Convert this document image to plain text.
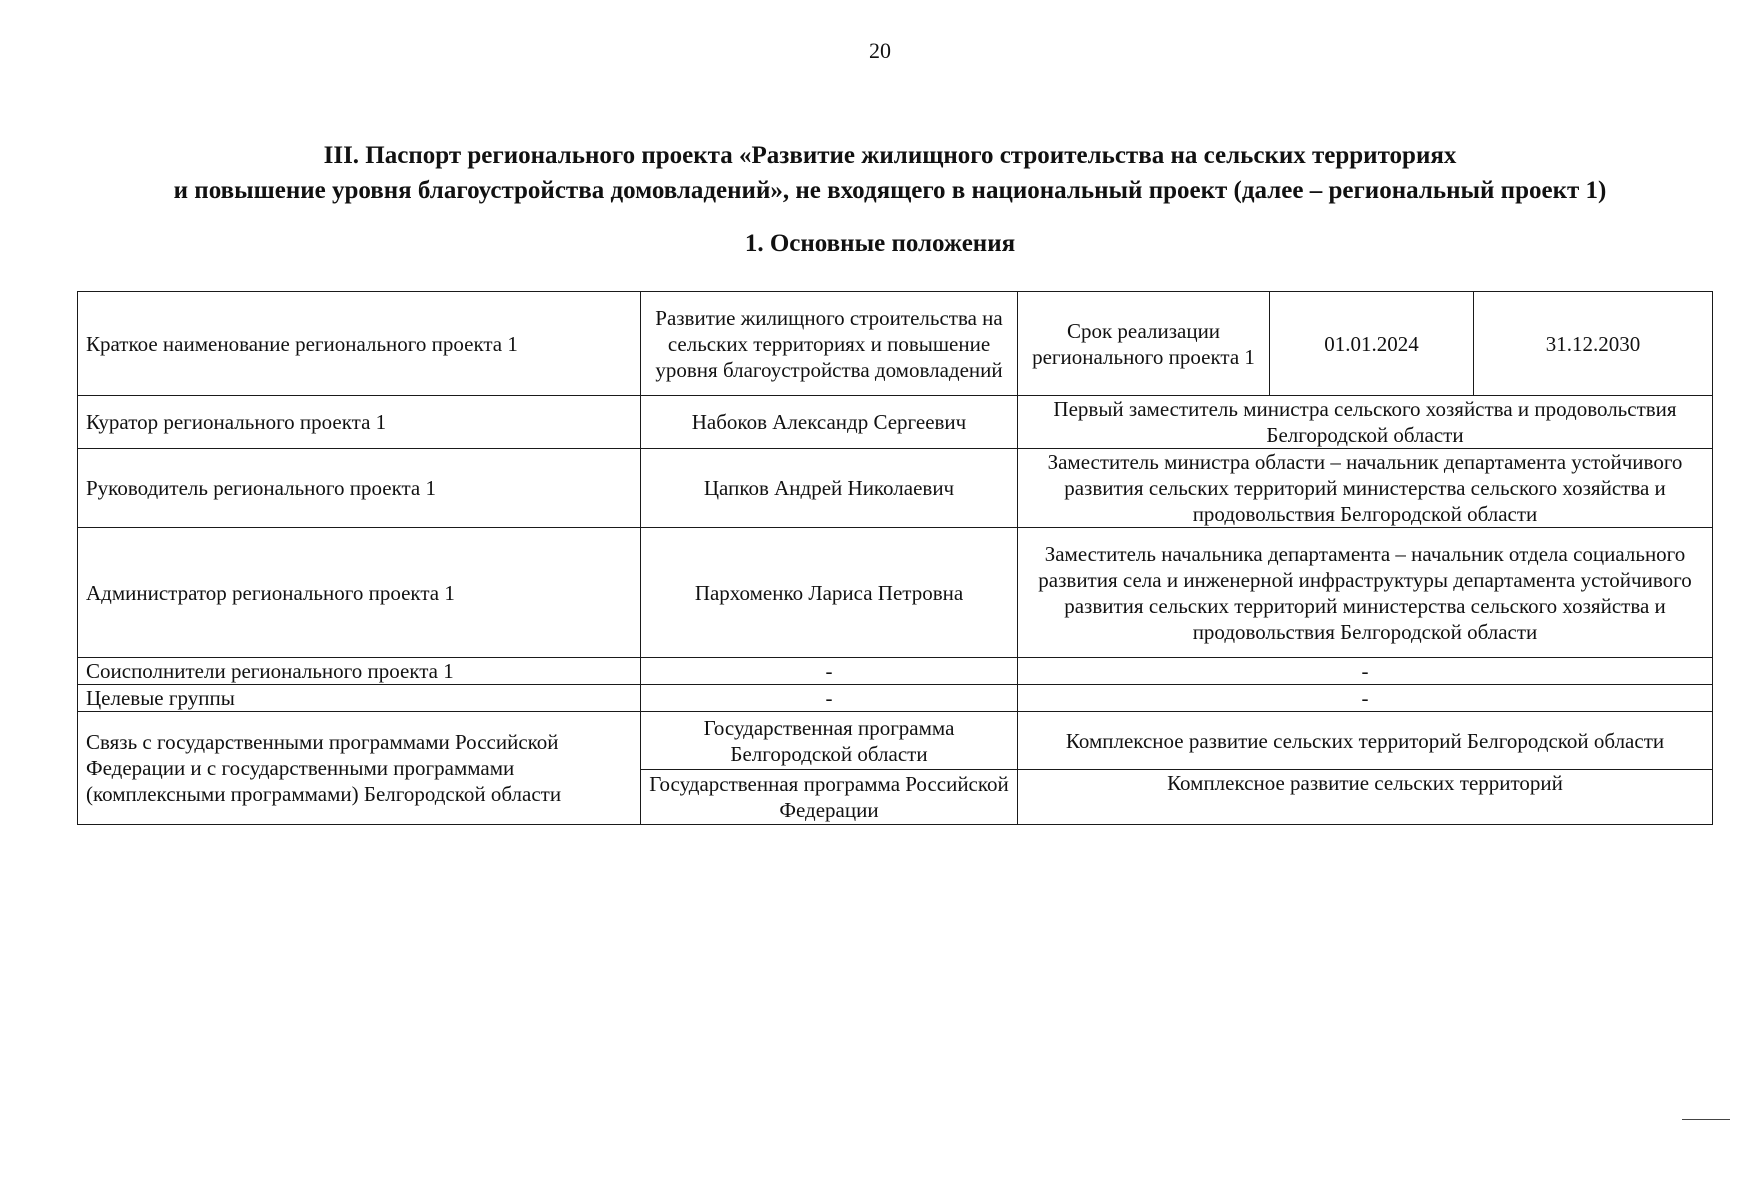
20
III. Паспорт регионального проекта «Развитие жилищного строительства на сельских территориях
и повышение уровня благоустройства домовладений», не входящего в национальный проект (далее – региональный проект 1)
1. Основные положения
Краткое наименование регионального проекта 1	Развитие жилищного строительства на сельских территориях и повышение уровня благоустройства домовладений	Срок реализации регионального проекта 1	01.01.2024	31.12.2030
Куратор регионального проекта 1	Набоков Александр Сергеевич	Первый заместитель министра сельского хозяйства и продовольствия Белгородской области		
Руководитель регионального проекта 1	Цапков Андрей Николаевич	Заместитель министра области – начальник департамента устойчивого развития сельских территорий министерства сельского хозяйства и продовольствия Белгородской области		
Администратор регионального проекта 1	Пархоменко Лариса Петровна	Заместитель начальника департамента – начальник отдела социального развития села и инженерной инфраструктуры департамента устойчивого развития сельских территорий министерства сельского хозяйства и продовольствия Белгородской области		
Соисполнители регионального проекта 1	-	-		
Целевые группы	-	-		
Связь с государственными программами Российской Федерации и с государственными программами (комплексными программами) Белгородской области	Государственная программа Белгородской области	Комплексное развитие сельских территорий Белгородской области		
	Государственная программа Российской Федерации	Комплексное развитие сельских территорий		
